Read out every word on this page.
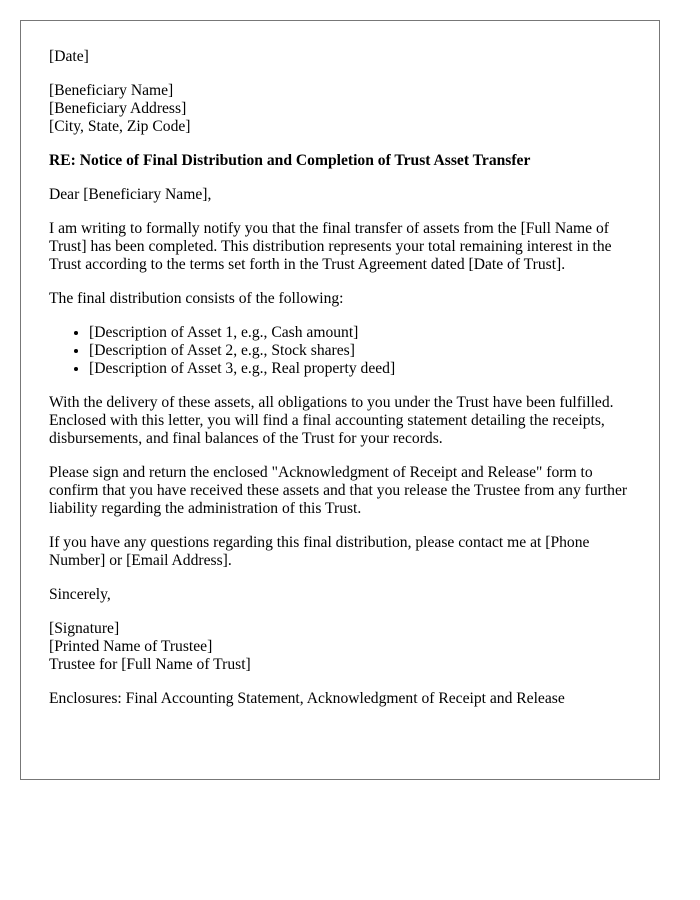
[Date]

[Beneficiary Name]
[Beneficiary Address]
[City, State, Zip Code]

RE: Notice of Final Distribution and Completion of Trust Asset Transfer

Dear [Beneficiary Name],

I am writing to formally notify you that the final transfer of assets from the [Full Name of Trust] has been completed. This distribution represents your total remaining interest in the Trust according to the terms set forth in the Trust Agreement dated [Date of Trust].

The final distribution consists of the following:

• [Description of Asset 1, e.g., Cash amount]
• [Description of Asset 2, e.g., Stock shares]
• [Description of Asset 3, e.g., Real property deed]

With the delivery of these assets, all obligations to you under the Trust have been fulfilled. Enclosed with this letter, you will find a final accounting statement detailing the receipts, disbursements, and final balances of the Trust for your records.

Please sign and return the enclosed "Acknowledgment of Receipt and Release" form to confirm that you have received these assets and that you release the Trustee from any further liability regarding the administration of this Trust.

If you have any questions regarding this final distribution, please contact me at [Phone Number] or [Email Address].

Sincerely,

[Signature]
[Printed Name of Trustee]
Trustee for [Full Name of Trust]

Enclosures: Final Accounting Statement, Acknowledgment of Receipt and Release
